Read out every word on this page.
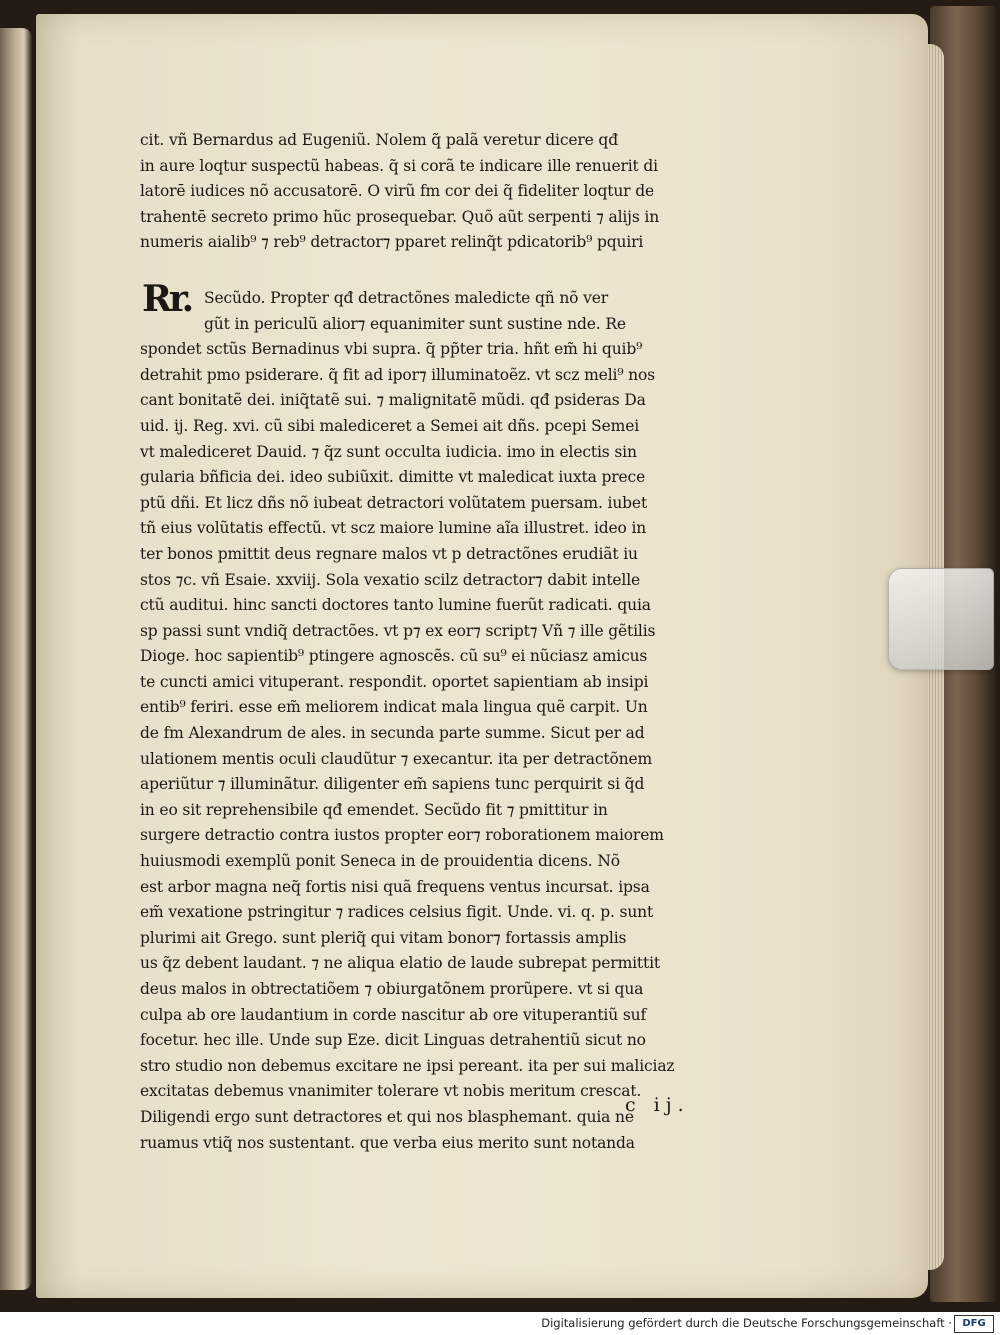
cit. vñ Bernardus ad Eugeniũ. Nolem q̃ palã veretur dicere qđ
in aure loqtur suspectũ habeas. q̃ si corã te indicare ille renuerit di
latorē iudices nõ accusatorē. O virũ fm cor dei q̃ fideliter loqtur de
trahentē secreto primo hũc prosequebar. Quõ aũt serpenti ⁊ alijs in
numeris aialib⁹ ⁊ reb⁹ detractor⁊ pparet relinq̃t pdicatorib⁹ pquiri
Secũdo. Propter qđ detractõnes maledicte qñ nõ ver
gũt in periculũ alior⁊ equanimiter sunt sustine nde. Re
spondet sctũs Bernadinus vbi supra. q̃ pp̃ter tria. hñt em̃ hi quib⁹
detrahit pmo psiderare. q̃ fit ad ipor⁊ illuminatoẽz. vt scz meli⁹ nos
cant bonitatẽ dei. iniq̃tatẽ sui. ⁊ malignitatẽ mũdi. qđ psideras Da
uid. ij. Reg. xvi. cũ sibi malediceret a Semei ait dñs. pcepi Semei
vt malediceret Dauid. ⁊ q̃z sunt occulta iudicia. imo in electis sin
gularia bñficia dei. ideo subiũxit. dimitte vt maledicat iuxta prece
ptũ dñi. Et licz dñs nõ iubeat detractori volũtatem puersam. iubet
tñ eius volũtatis effectũ. vt scz maiore lumine aĩa illustret. ideo in
ter bonos pmittit deus regnare malos vt p detractõnes erudiãt iu
stos ⁊c. vñ Esaie. xxviij. Sola vexatio scilz detractor⁊ dabit intelle
ctũ auditui. hinc sancti doctores tanto lumine fuerũt radicati. quia
sp passi sunt vndiq̃ detractões. vt p⁊ ex eor⁊ script⁊ Vñ ⁊ ille gẽtilis
Dioge. hoc sapientib⁹ ptingere agnoscẽs. cũ su⁹ ei nũciasz amicus
te cuncti amici vituperant. respondit. oportet sapientiam ab insipi
entib⁹ feriri. esse em̃ meliorem indicat mala lingua quẽ carpit. Un
de fm Alexandrum de ales. in secunda parte summe. Sicut per ad
ulationem mentis oculi claudũtur ⁊ execantur. ita per detractõnem
aperiũtur ⁊ illuminãtur. diligenter em̃ sapiens tunc perquirit si q̃d
in eo sit reprehensibile qđ emendet. Secũdo fit ⁊ pmittitur in
surgere detractio contra iustos propter eor⁊ roborationem maiorem
huiusmodi exemplũ ponit Seneca in de prouidentia dicens. Nõ
est arbor magna neq̃ fortis nisi quã frequens ventus incursat. ipsa
em̃ vexatione pstringitur ⁊ radices celsius figit. Unde. vi. q. p. sunt
plurimi ait Grego. sunt pleriq̃ qui vitam bonor⁊ fortassis amplis
us q̃z debent laudant. ⁊ ne aliqua elatio de laude subrepat permittit
deus malos in obtrectatiõem ⁊ obiurgatõnem prorũpere. vt si qua
culpa ab ore laudantium in corde nascitur ab ore vituperantiũ suf
focetur. hec ille. Unde sup Eze. dicit Linguas detrahentiũ sicut no
stro studio non debemus excitare ne ipsi pereant. ita per sui maliciaz
excitatas debemus vnanimiter tolerare vt nobis meritum crescat.
Diligendi ergo sunt detractores et qui nos blasphemant. quia ne
ruamus vtiq̃ nos sustentant. que verba eius merito sunt notanda
Rr.
c ij.
Digitalisierung gefördert durch die Deutsche Forschungsgemeinschaft ·	DFG
